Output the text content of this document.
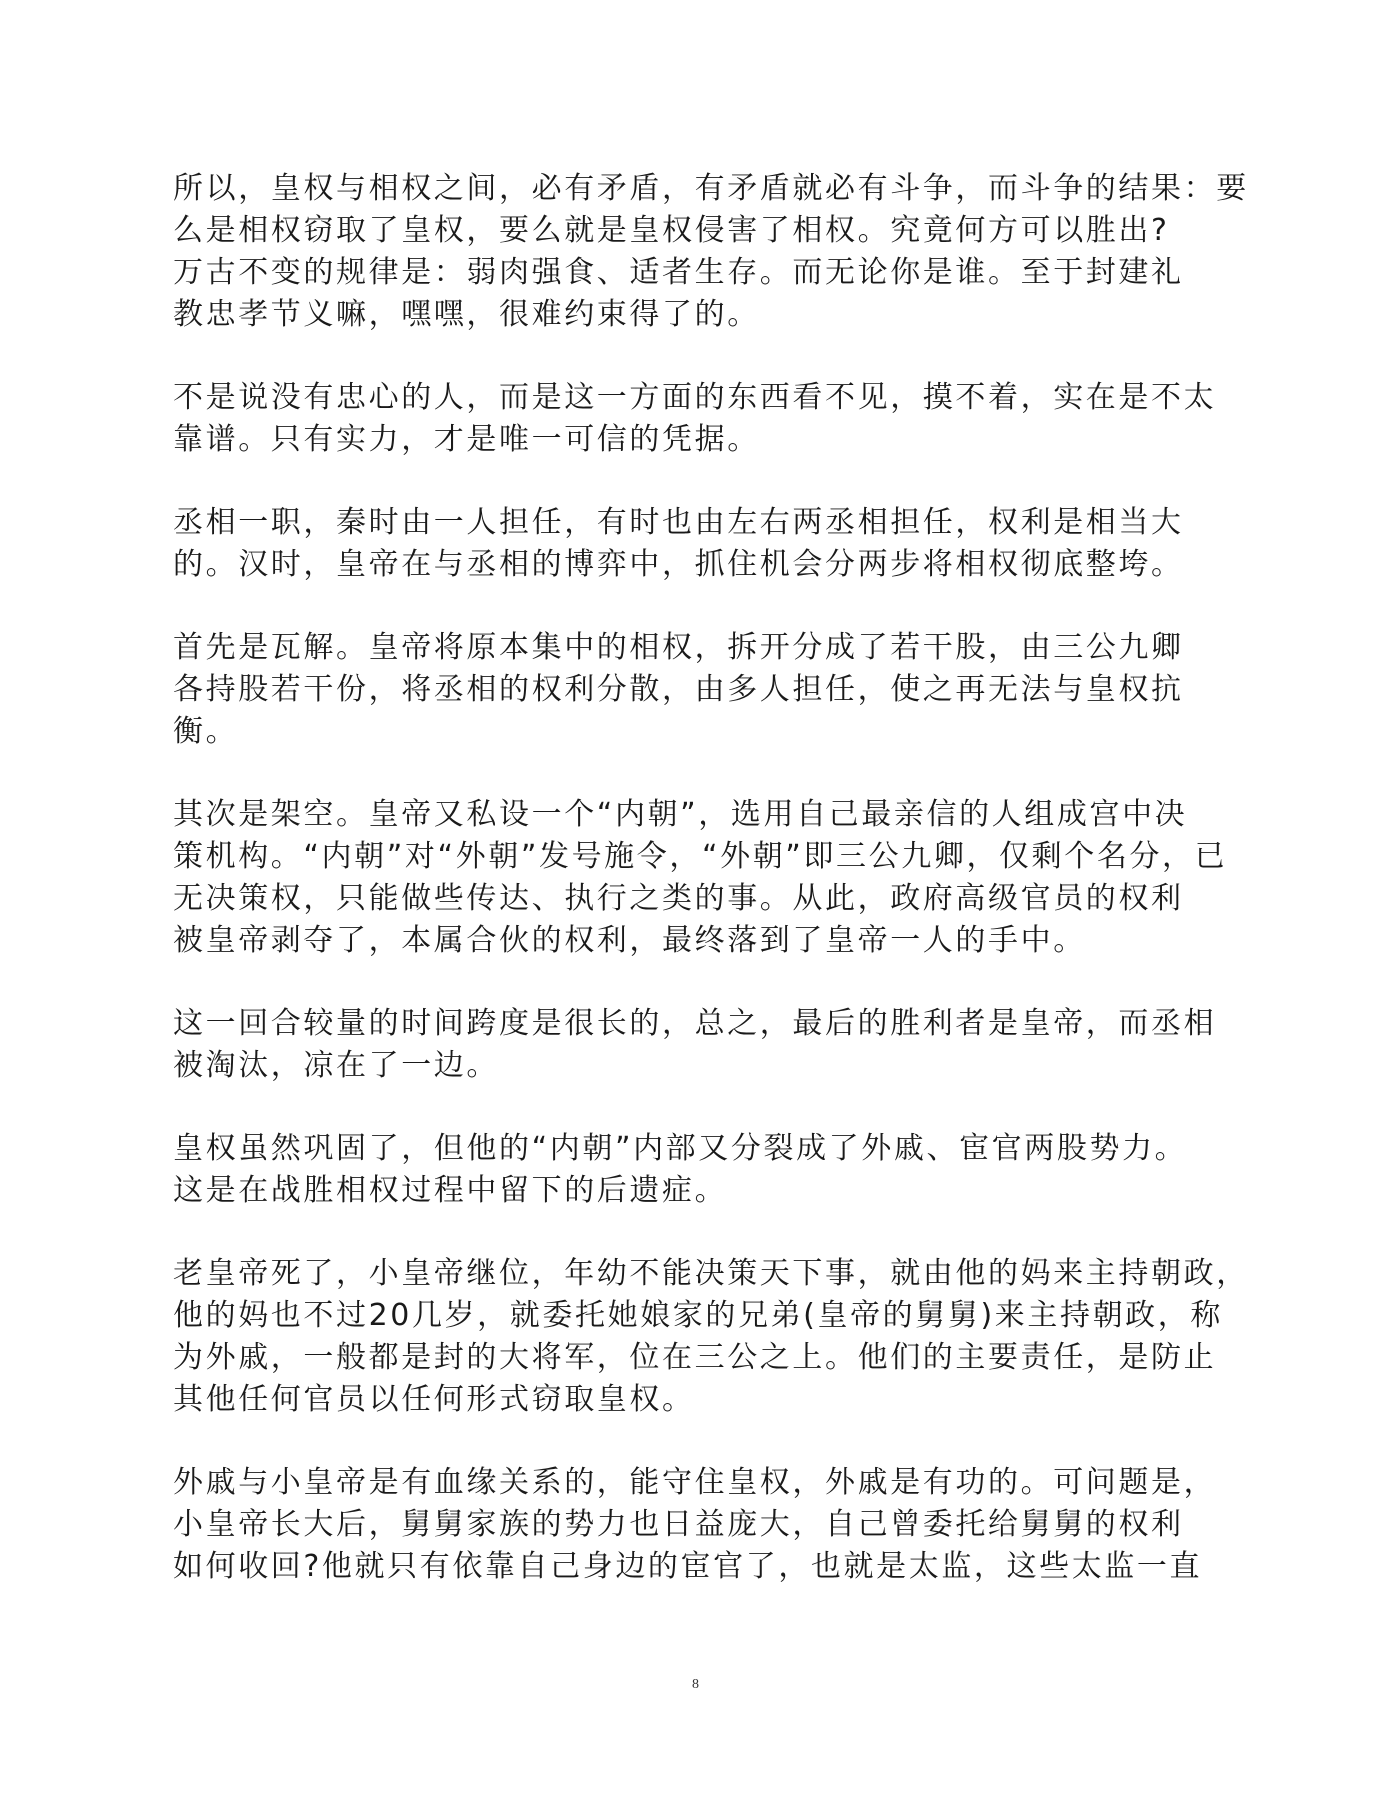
所以，皇权与相权之间，必有矛盾，有矛盾就必有斗争，而斗争的结果：要
么是相权窃取了皇权，要么就是皇权侵害了相权。究竟何方可以胜出?
万古不变的规律是：弱肉强食、适者生存。而无论你是谁。至于封建礼
教忠孝节义嘛，嘿嘿，很难约束得了的。

不是说没有忠心的人，而是这一方面的东西看不见，摸不着，实在是不太
靠谱。只有实力，才是唯一可信的凭据。

丞相一职，秦时由一人担任，有时也由左右两丞相担任，权利是相当大
的。汉时，皇帝在与丞相的博弈中，抓住机会分两步将相权彻底整垮。

首先是瓦解。皇帝将原本集中的相权，拆开分成了若干股，由三公九卿
各持股若干份，将丞相的权利分散，由多人担任，使之再无法与皇权抗
衡。

其次是架空。皇帝又私设一个“内朝”，选用自己最亲信的人组成宫中决
策机构。“内朝”对“外朝”发号施令，“外朝”即三公九卿，仅剩个名分，已
无决策权，只能做些传达、执行之类的事。从此，政府高级官员的权利
被皇帝剥夺了，本属合伙的权利，最终落到了皇帝一人的手中。

这一回合较量的时间跨度是很长的，总之，最后的胜利者是皇帝，而丞相
被淘汰，凉在了一边。

皇权虽然巩固了，但他的“内朝”内部又分裂成了外戚、宦官两股势力。
这是在战胜相权过程中留下的后遗症。

老皇帝死了，小皇帝继位，年幼不能决策天下事，就由他的妈来主持朝政，
他的妈也不过20几岁，就委托她娘家的兄弟(皇帝的舅舅)来主持朝政，称
为外戚，一般都是封的大将军，位在三公之上。他们的主要责任，是防止
其他任何官员以任何形式窃取皇权。

外戚与小皇帝是有血缘关系的，能守住皇权，外戚是有功的。可问题是，
小皇帝长大后，舅舅家族的势力也日益庞大，自己曾委托给舅舅的权利
如何收回?他就只有依靠自己身边的宦官了，也就是太监，这些太监一直

8
